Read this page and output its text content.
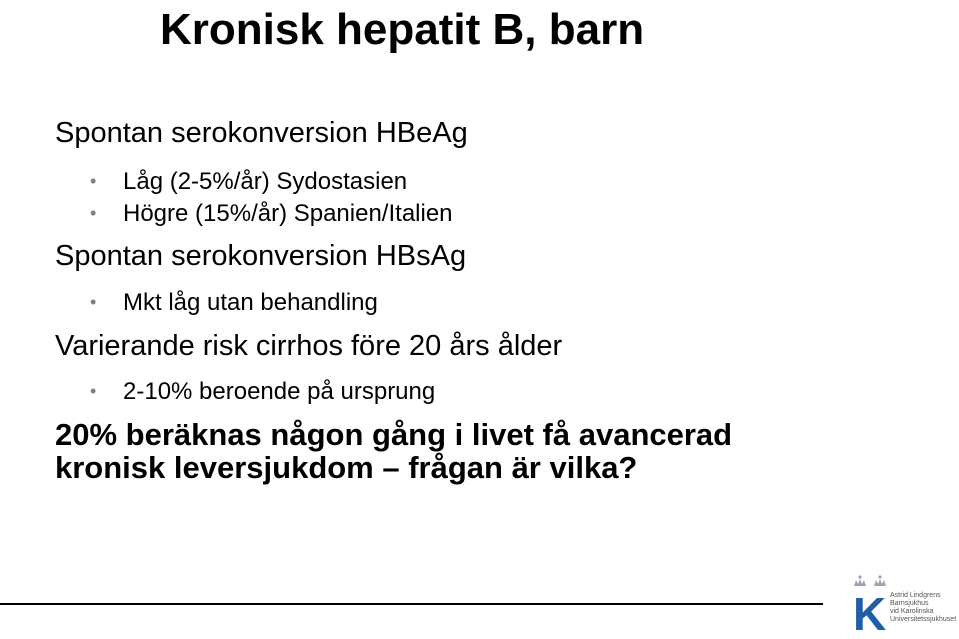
Kronisk hepatit B, barn
Spontan serokonversion HBeAg
• Låg (2-5%/år) Sydostasien
• Högre (15%/år) Spanien/Italien
Spontan serokonversion HBsAg
• Mkt låg utan behandling
Varierande risk cirrhos före 20 års ålder
• 2-10% beroende på ursprung
20% beräknas någon gång i livet få avancerad
kronisk leversjukdom – frågan är vilka?
K Astrid Lindgrens
Barnsjukhus
vid Karolinska
Universitetssjukhuset
